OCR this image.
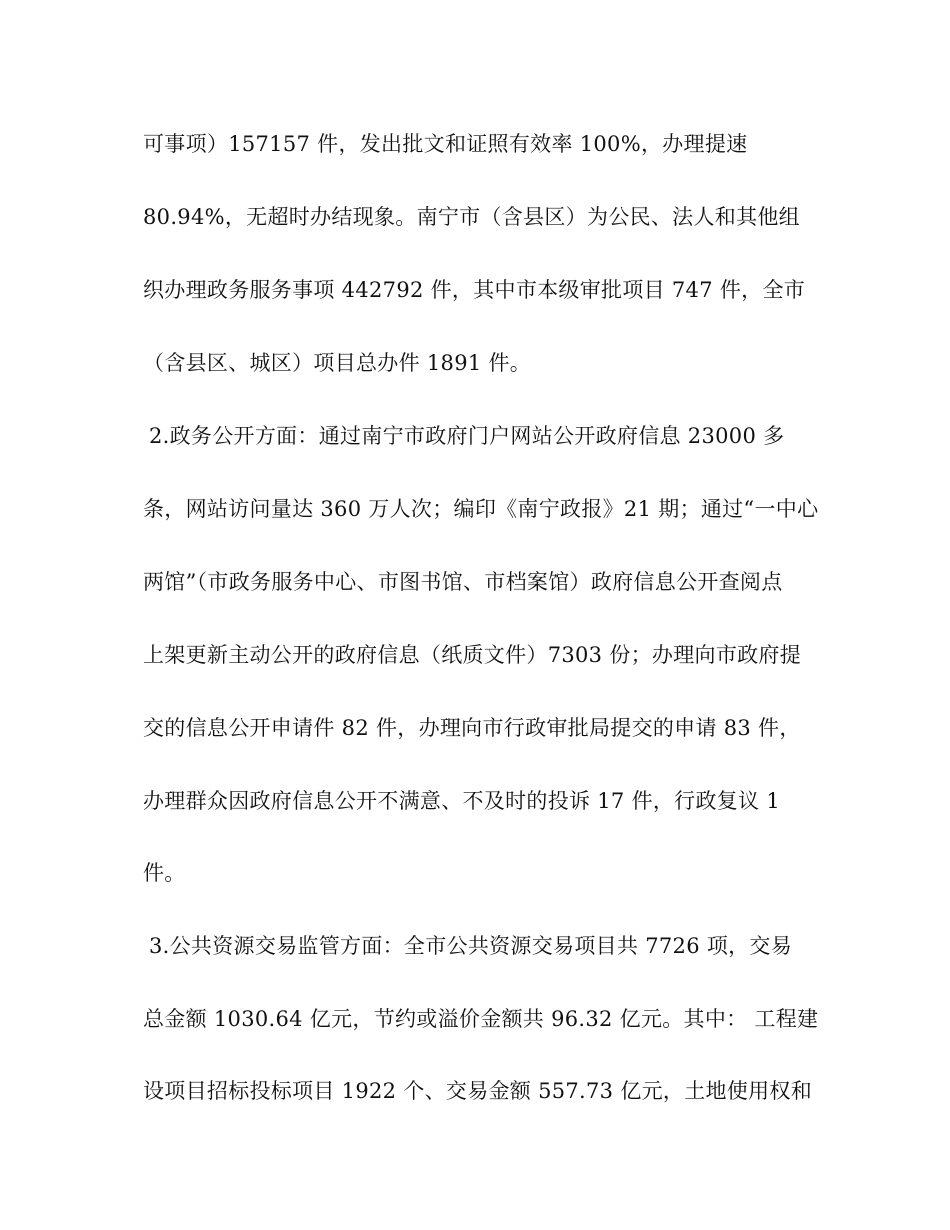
可事项）157157 件，发出批文和证照有效率 100%，办理提速
80.94%，无超时办结现象。南宁市（含县区）为公民、法人和其他组
织办理政务服务事项 442792 件，其中市本级审批项目 747 件，全市
（含县区、城区）项目总办件 1891 件。
2.政务公开方面：通过南宁市政府门户网站公开政府信息 23000 多
条，网站访问量达 360 万人次；编印《南宁政报》21 期；通过“一中心
两馆”（市政务服务中心、市图书馆、市档案馆）政府信息公开查阅点
上架更新主动公开的政府信息（纸质文件）7303 份；办理向市政府提
交的信息公开申请件 82 件，办理向市行政审批局提交的申请 83 件，
办理群众因政府信息公开不满意、不及时的投诉 17 件，行政复议 1
件。
3.公共资源交易监管方面：全市公共资源交易项目共 7726 项，交易
总金额 1030.64 亿元，节约或溢价金额共 96.32 亿元。其中： 工程建
设项目招标投标项目 1922 个、交易金额 557.73 亿元，土地使用权和
